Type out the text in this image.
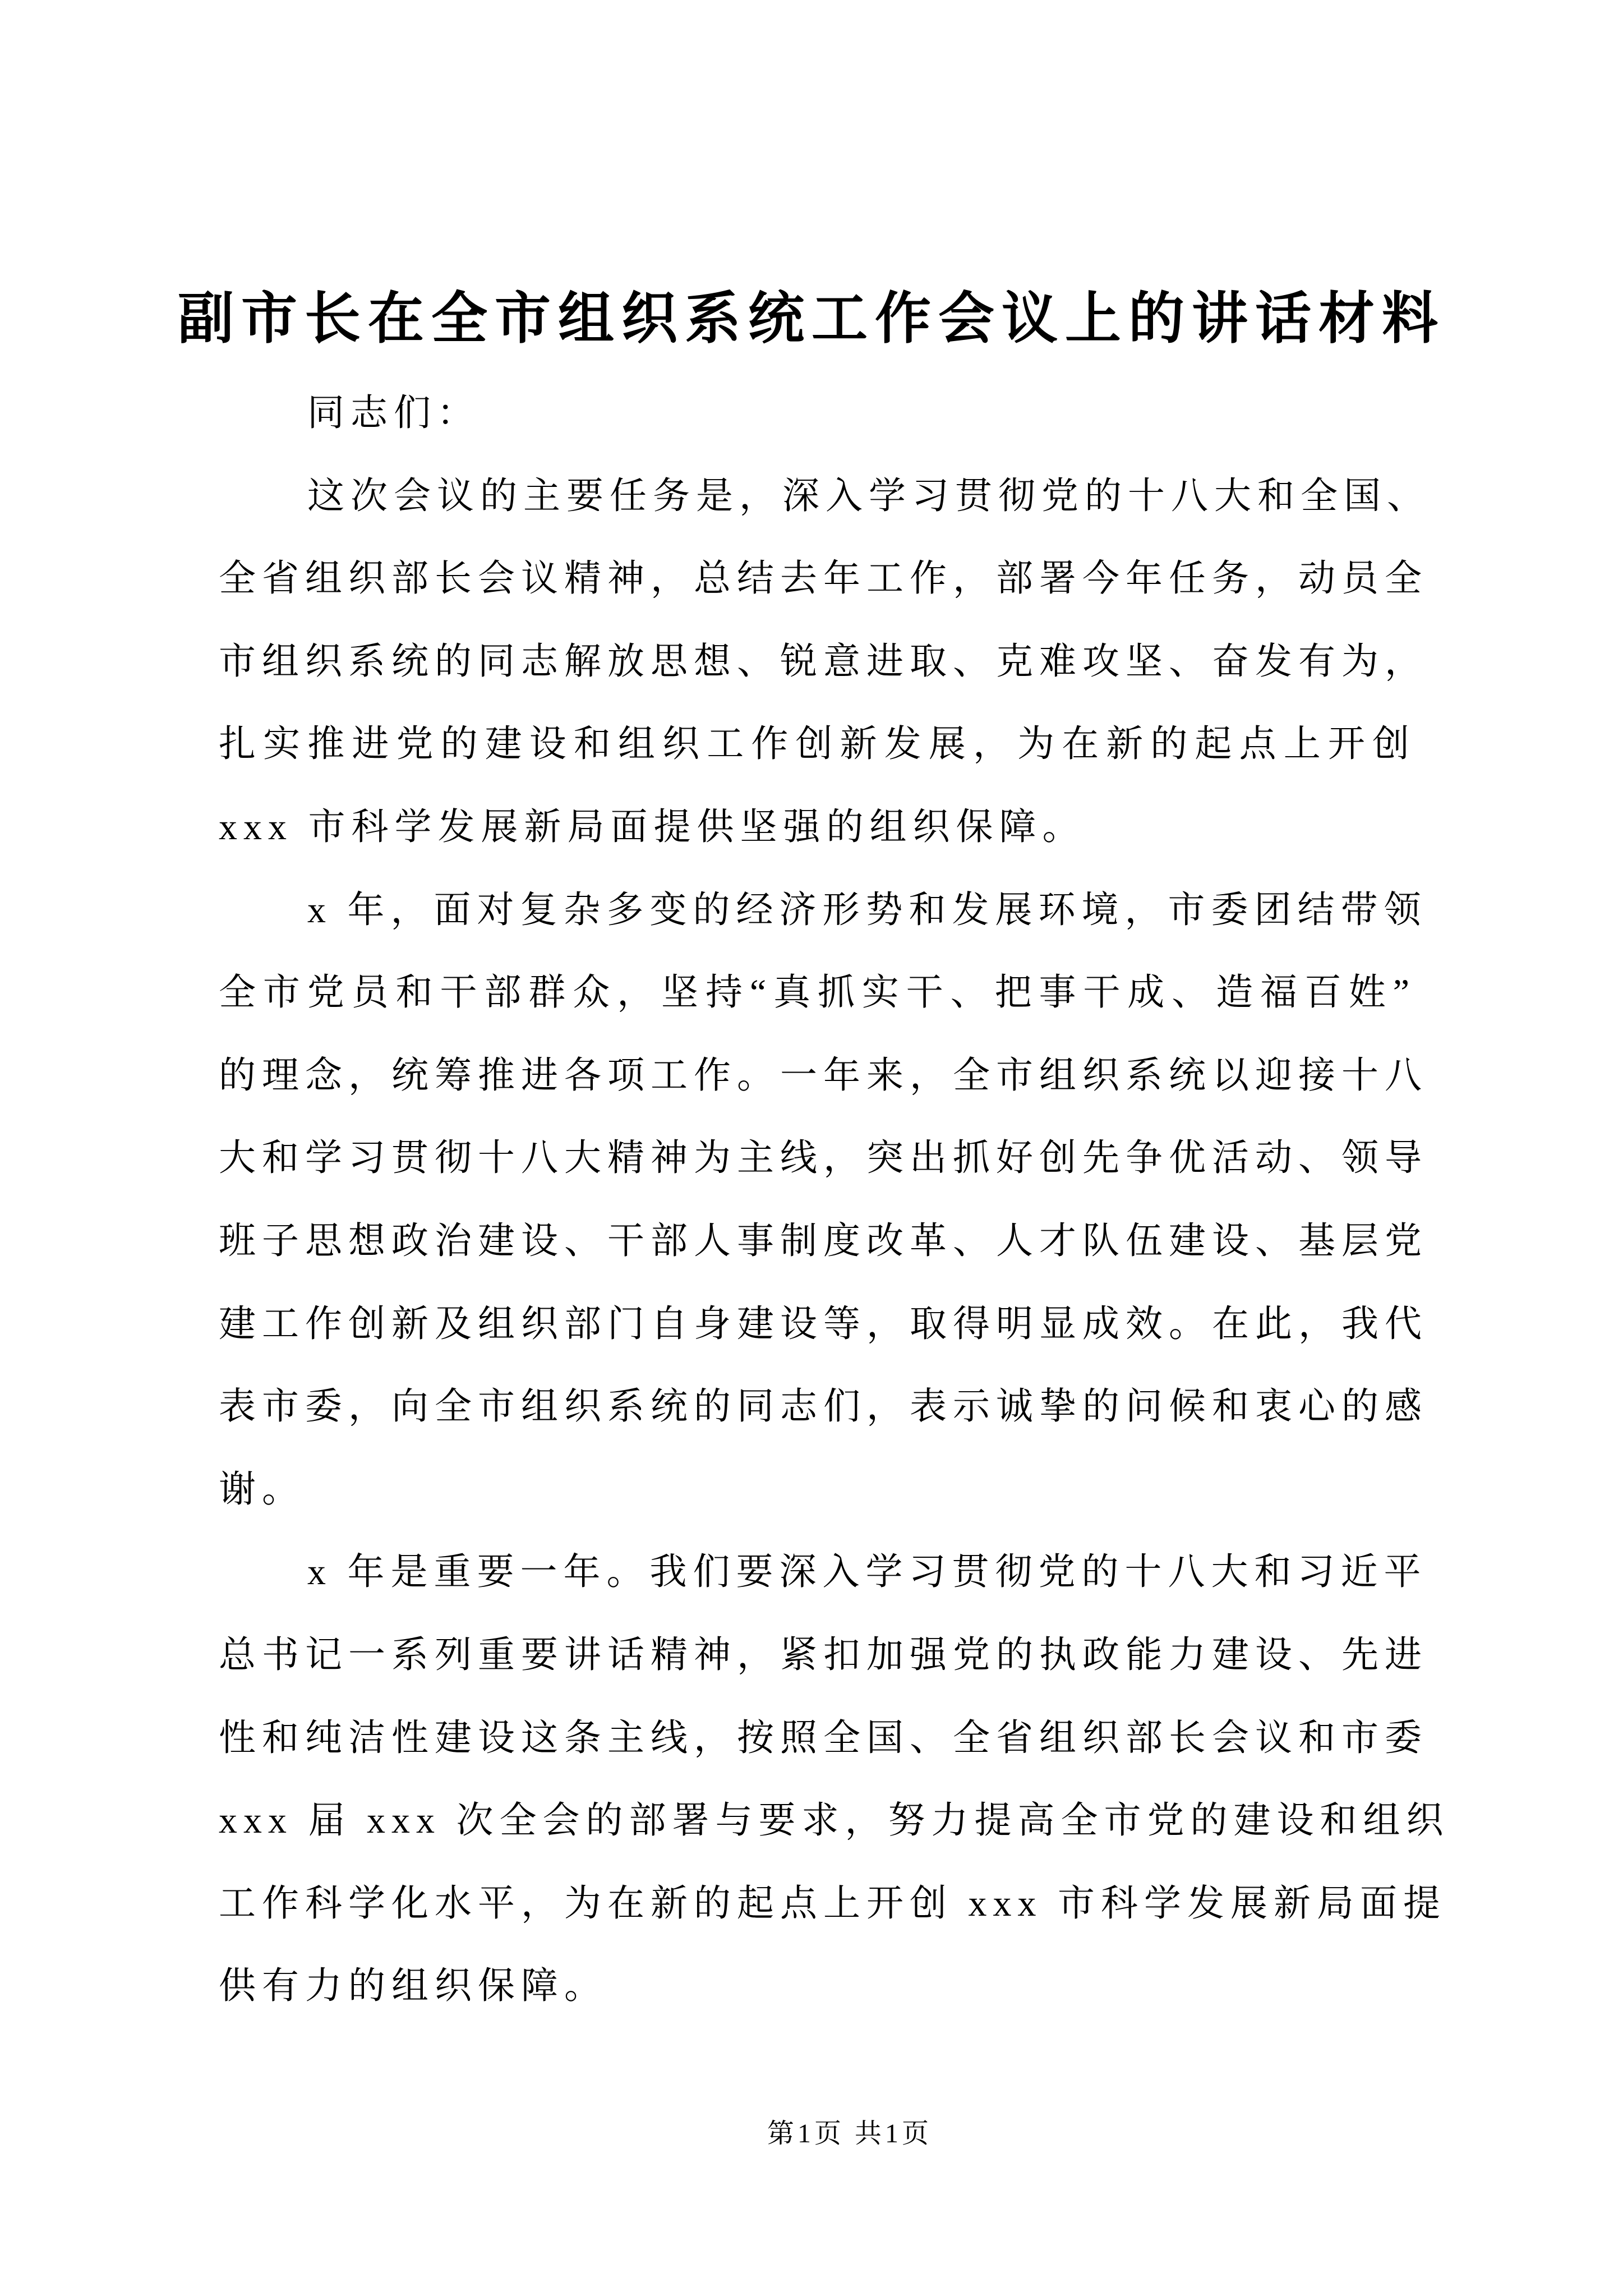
副市长在全市组织系统工作会议上的讲话材料
同志们：
这次会议的主要任务是，深入学习贯彻党的十八大和全国、
全省组织部长会议精神，总结去年工作，部署今年任务，动员全
市组织系统的同志解放思想、锐意进取、克难攻坚、奋发有为，
扎实推进党的建设和组织工作创新发展，为在新的起点上开创
xxx 市科学发展新局面提供坚强的组织保障。
x 年，面对复杂多变的经济形势和发展环境，市委团结带领
全市党员和干部群众，坚持“真抓实干、把事干成、造福百姓”
的理念，统筹推进各项工作。一年来，全市组织系统以迎接十八
大和学习贯彻十八大精神为主线，突出抓好创先争优活动、领导
班子思想政治建设、干部人事制度改革、人才队伍建设、基层党
建工作创新及组织部门自身建设等，取得明显成效。在此，我代
表市委，向全市组织系统的同志们，表示诚挚的问候和衷心的感
谢。
x 年是重要一年。我们要深入学习贯彻党的十八大和习近平
总书记一系列重要讲话精神，紧扣加强党的执政能力建设、先进
性和纯洁性建设这条主线，按照全国、全省组织部长会议和市委
xxx 届 xxx 次全会的部署与要求，努力提高全市党的建设和组织
工作科学化水平，为在新的起点上开创 xxx 市科学发展新局面提
供有力的组织保障。
第1页 共1页
